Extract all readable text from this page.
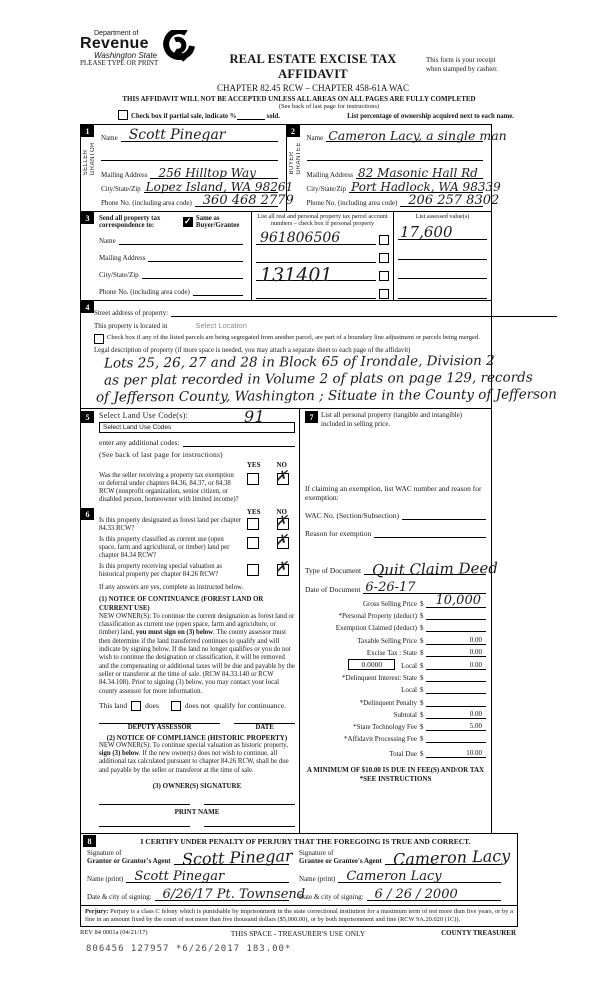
Department of
Revenue
Washington State
PLEASE TYPE OR PRINT	REAL ESTATE EXCISE TAX AFFIDAVIT
CHAPTER 82.45 RCW – CHAPTER 458-61A WAC
This form is your receipt
when stamped by cashier.
THIS AFFIDAVIT WILL NOT BE ACCEPTED UNLESS ALL AREAS ON ALL PAGES ARE FULLY COMPLETED
(See back of last page for instructions)
Check box if partial sale, indicate %	sold.	List percentage of ownership acquired next to each name.
1
SELLER GRANTOR
Name Scott Pinegar
Mailing Address 256 Hilltop Way
City/State/Zip Lopez Island, WA 98261
Phone No. (including area code) 360 468 2779
2
BUYER GRANTEE
Name Cameron Lacy, a single man
Mailing Address 82 Masonic Hall Rd
City/State/Zip Port Hadlock, WA 98339
Phone No. (including area code) 206 257 8302
3	Send all property tax correspondence to:
✓
Same as Buyer/Grantee
Name
Mailing Address
City/State/Zip
Phone No. (including area code)
List all real and personal property tax parcel account numbers – check box if personal property
961806506
131401
List assessed value(s)
17,600
4
Street address of property:
This property is located in	Select Location
Check box if any of the listed parcels are being segregated from another parcel, are part of a boundary line adjustment or parcels being merged.
Legal description of property (if more space is needed, you may attach a separate sheet to each page of the affidavit)
Lots 25, 26, 27 and 28 in Block 65 of Irondale, Division 2
as per plat recorded in Volume 2 of plats on page 129, records
of Jefferson County, Washington ; Situate in the County of Jefferson
5	Select Land Use Code(s):	91
Select Land Use Codes
enter any additional codes:
(See back of last page for instructions)
YES NO
Was the seller receiving a property tax exemption or deferral under chapters 84.36, 84.37, or 84.38 RCW (nonprofit organization, senior citizen, or disabled person, homeowner with limited income)?
✗
6	YES
Is this property designated as forest land per chapter 84.33 RCW?
✗
Is this property classified as current use (open space, farm and agricultural, or timber) land per chapter 84.34 RCW?
✗
Is this property receiving special valuation as historical property per chapter 84.26 RCW?
✗
If any answers are yes, complete as instructed below.
(1) NOTICE OF CONTINUANCE (FOREST LAND OR CURRENT USE)
NEW OWNER(S): To continue the current designation as forest land or classification as current use (open space, farm and agriculture, or timber) land, you must sign on (3) below. The county assessor must then determine if the land transferred continues to qualify and will indicate by signing below. If the land no longer qualifies or you do not wish to continue the designation or classification, it will be removed and the compensating or additional taxes will be due and payable by the seller or transferor at the time of sale. (RCW 84.33.140 or RCW 84.34.108). Prior to signing (3) below, you may contact your local county assessor for more information.
This land does	does not qualify for continuance.
DEPUTY ASSESSOR	DATE
(2) NOTICE OF COMPLIANCE (HISTORIC PROPERTY)
NEW OWNER(S): To continue special valuation as historic property, sign (3) below. If the new owner(s) does not wish to continue, all additional tax calculated pursuant to chapter 84.26 RCW, shall be due and payable by the seller or transferor at the time of sale.
(3) OWNER(S) SIGNATURE
PRINT NAME
7	List all personal property (tangible and intangible) included in selling price.
If claiming an exemption, list WAC number and reason for exemption:
WAC No. (Section/Subsection)
Reason for exemption
Type of Document Quit Claim Deed
Date of Document 6-26-17
Gross Selling Price $ 10,000
*Personal Property (deduct) $
Exemption Claimed (deduct) $
Taxable Selling Price $	0.00
Excise Tax : State $	0.00
0.0000	Local $	0.00
*Delinquent Interest: State $
Local $
*Delinquent Penalty $
Subtotal $	0.00
*State Technology Fee $	5.00
*Affidavit Processing Fee $
Total Due $	10.00
A MINIMUM OF $10.00 IS DUE IN FEE(S) AND/OR TAX
*SEE INSTRUCTIONS
8	I CERTIFY UNDER PENALTY OF PERJURY THAT THE FOREGOING IS TRUE AND CORRECT.
Signature of
Grantor or Grantor's Agent Scott Pinegar
Name (print) Scott Pinegar
Date & city of signing: 6/26/17 Pt. Townsend
Signature of
Grantee or Grantee's Agent Cameron Lacy
Name (print) Cameron Lacy
Date & city of signing: 6 / 26 / 2000
Perjury: Perjury is a class C felony which is punishable by imprisonment in the state correctional institution for a maximum term of not more than five years, or by a fine in an amount fixed by the court of not more than five thousand dollars ($5,000.00), or by both imprisonment and fine (RCW 9A.20.020 (1C)).
REV 84 0001a (04/21/17)	THIS SPACE - TREASURER'S USE ONLY	COUNTY TREASURER
806456 127957 *6/26/2017 183.00*
